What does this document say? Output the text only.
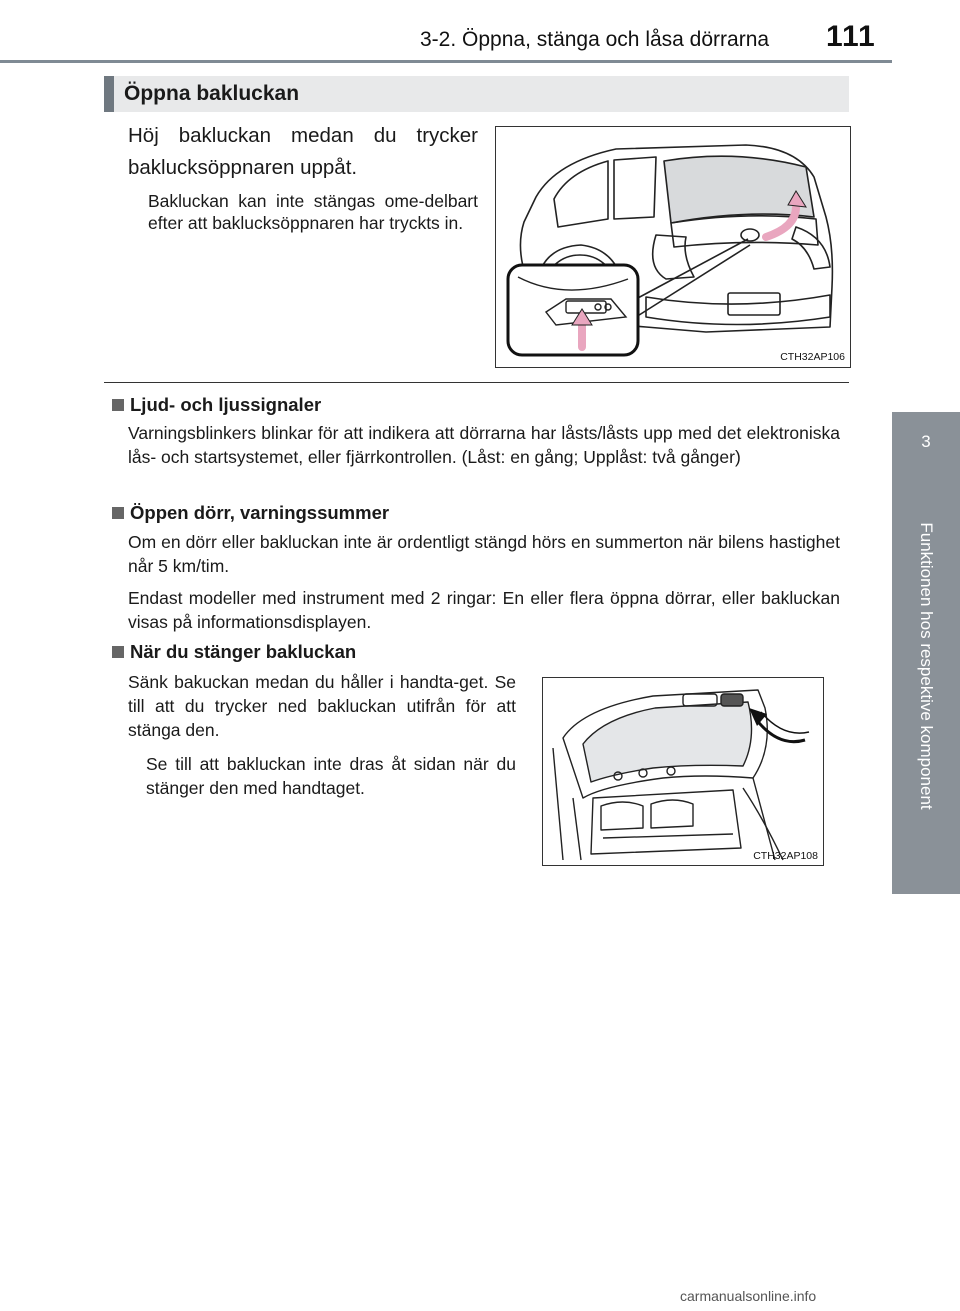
3-2. Öppna, stänga och låsa dörrarna 111
3
Funktionen hos respektive komponent
Öppna bakluckan
Höj bakluckan medan du trycker baklucksöppnaren uppåt.
Bakluckan kan inte stängas ome-delbart efter att baklucksöppnaren har tryckts in.
CTH32AP106
Ljud- och ljussignaler
Varningsblinkers blinkar för att indikera att dörrarna har låsts/låsts upp med det elektroniska lås- och startsystemet, eller fjärrkontrollen. (Låst: en gång; Upplåst: två gånger)
Öppen dörr, varningssummer
Om en dörr eller bakluckan inte är ordentligt stängd hörs en summerton när bilens hastighet når 5 km/tim.
Endast modeller med instrument med 2 ringar: En eller flera öppna dörrar, eller bakluckan visas på informationsdisplayen.
När du stänger bakluckan
Sänk bakuckan medan du håller i handta-get. Se till att du trycker ned bakluckan utifrån för att stänga den.
Se till att bakluckan inte dras åt sidan när du stänger den med handtaget.
CTH32AP108
carmanualsonline.info
